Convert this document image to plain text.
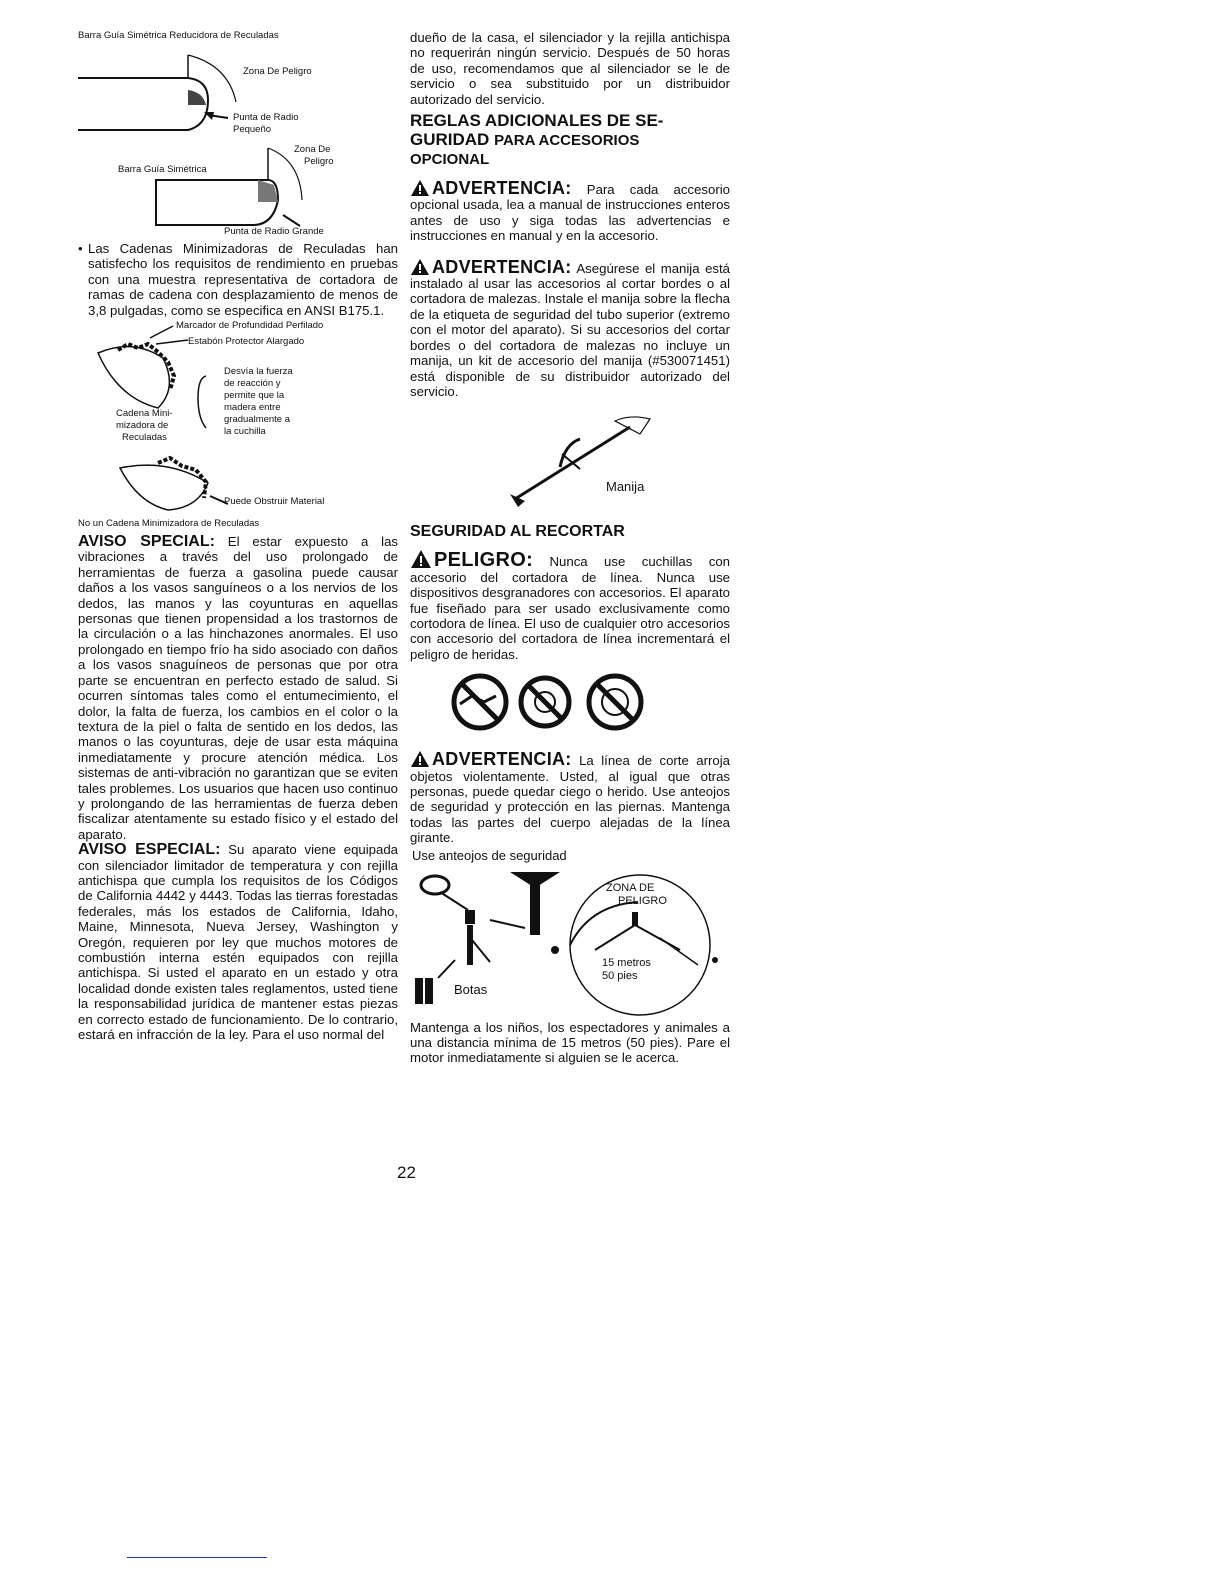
Barra Guía Simétrica Reducidora de Reculadas
Zona De Peligro
Punta de Radio
Pequeño
Zona De
Peligro
Barra Guía Simétrica
Punta de Radio Grande
• Las Cadenas Minimizadoras de Reculadas han satisfecho los requisitos de rendimiento en pruebas con una muestra representativa de cortadora de ramas de cadena con desplazamiento de menos de 3,8 pulgadas, como se especifica en ANSI B175.1.

Marcador de Profundidad Perfilado
Estabón Protector Alargado
Desvía la fuerza
de reacción y
permite que la
madera entre
gradualmente a
la cuchilla
Cadena Mini-
mizadora de
Reculadas
Puede Obstruir Material
No un Cadena Minimizadora de Reculadas

AVISO SPECIAL: El estar expuesto a las vibraciones a través del uso prolongado de herramientas de fuerza a gasolina puede causar daños a los vasos sanguíneos o a los nervios de los dedos, las manos y las coyunturas en aquellas personas que tienen propensidad a los trastornos de la circulación o a las hinchazones anormales. El uso prolongado en tiempo frío ha sido asociado con daños a los vasos snaguíneos de personas que por otra parte se encuentran en perfecto estado de salud. Si ocurren síntomas tales como el entumecimiento, el dolor, la falta de fuerza, los cambios en el color o la textura de la piel o falta de sentido en los dedos, las manos o las coyunturas, deje de usar esta máquina inmediatamente y procure atención médica. Los sistemas de anti-vibración no garantizan que se eviten tales problemes. Los usuarios que hacen uso continuo y prolongando de las herramientas de fuerza deben fiscalizar atentamente su estado físico y el estado del aparato.

AVISO ESPECIAL: Su aparato viene equipada con silenciador limitador de temperatura y con rejilla antichispa que cumpla los requisitos de los Códigos de California 4442 y 4443. Todas las tierras forestadas federales, más los estados de California, Idaho, Maine, Minnesota, Nueva Jersey, Washington y Oregón, requieren por ley que muchos motores de combustión interna estén equipados con rejilla antichispa. Si usted el aparato en un estado y otra localidad donde existen tales reglamentos, usted tiene la responsabilidad jurídica de mantener estas piezas en correcto estado de funcionamiento. De lo contrario, estará en infracción de la ley. Para el uso normal del

dueño de la casa, el silenciador y la rejilla antichispa no requerirán ningún servicio. Después de 50 horas de uso, recomendamos que al silenciador se le de servicio o sea substituido por un distribuidor autorizado del servicio.

REGLAS ADICIONALES DE SE-
GURIDAD PARA ACCESORIOS
OPCIONAL

ADVERTENCIA: Para cada accesorio opcional usada, lea a manual de instrucciones enteros antes de uso y siga todas las advertencias e instrucciones en manual y en la accesorio.

ADVERTENCIA: Asegúrese el manija está instalado al usar las accesorios al cortar bordes o al cortadora de malezas. Instale el manija sobre la flecha de la etiqueta de seguridad del tubo superior (extremo con el motor del aparato). Si su accesorios del cortar bordes o del cortadora de malezas no incluye un manija, un kit de accesorio del manija (#530071451) está disponible de su distribuidor autorizado del servicio.

Manija
SEGURIDAD AL RECORTAR

PELIGRO: Nunca use cuchillas con accesorio del cortadora de línea. Nunca use dispositivos desgranadores con accesorios. El aparato fue fiseñado para ser usado exclusivamente como cortodora de línea. El uso de cualquier otro accesorios con accesorio del cortadora de línea incrementará el peligro de heridas.

ADVERTENCIA: La línea de corte arroja objetos violentamente. Usted, al igual que otras personas, puede quedar ciego o herido. Use anteojos de seguridad y protección en las piernas. Mantenga todas las partes del cuerpo alejadas de la línea girante.

Use anteojos de seguridad
ZONA DE
PELIGRO
15 metros
50 pies
Botas

Mantenga a los niños, los espectadores y animales a una distancia mínima de 15 metros (50 pies). Pare el motor inmediatamente si alguien se le acerca.

22
